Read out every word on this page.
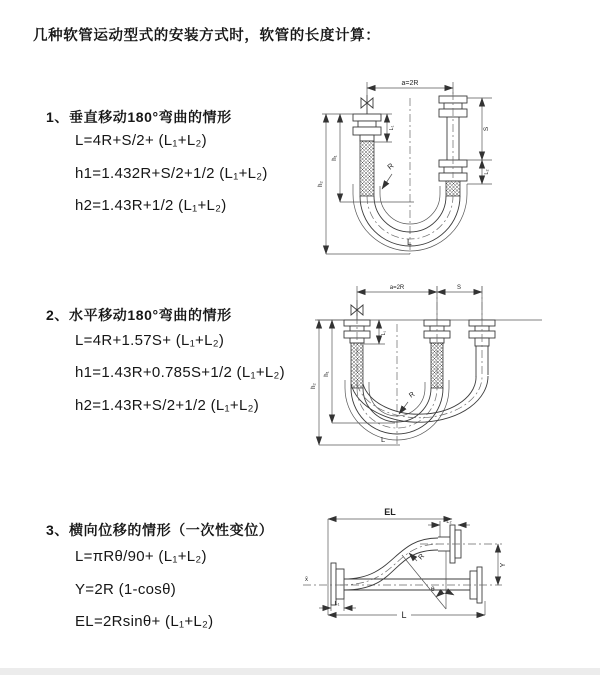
几种软管运动型式的安装方式时，软管的长度计算：
1、垂直移动180°弯曲的情形
L=4R+S/2+ (L₁+L₂)
h1=1.432R+S/2+1/2 (L₁+L₂)
h2=1.43R+1/2 (L₁+L₂)
2、水平移动180°弯曲的情形
L=4R+1.57S+ (L₁+L₂)
h1=1.43R+0.785S+1/2 (L₁+L₂)
h2=1.43R+S/2+1/2 (L₁+L₂)
3、横向位移的情形（一次性变位）
L=πRθ/90+ (L₁+L₂)
Y=2R (1-cosθ)
EL=2Rsinθ+ (L₁+L₂)
a=2R
S
L₂
h₂
h₁
L₁
R
L
a=2R	S
h₂
h₁
L₁
R
L
EL
L₂
x̄
R
θ
Y
L
L₁
